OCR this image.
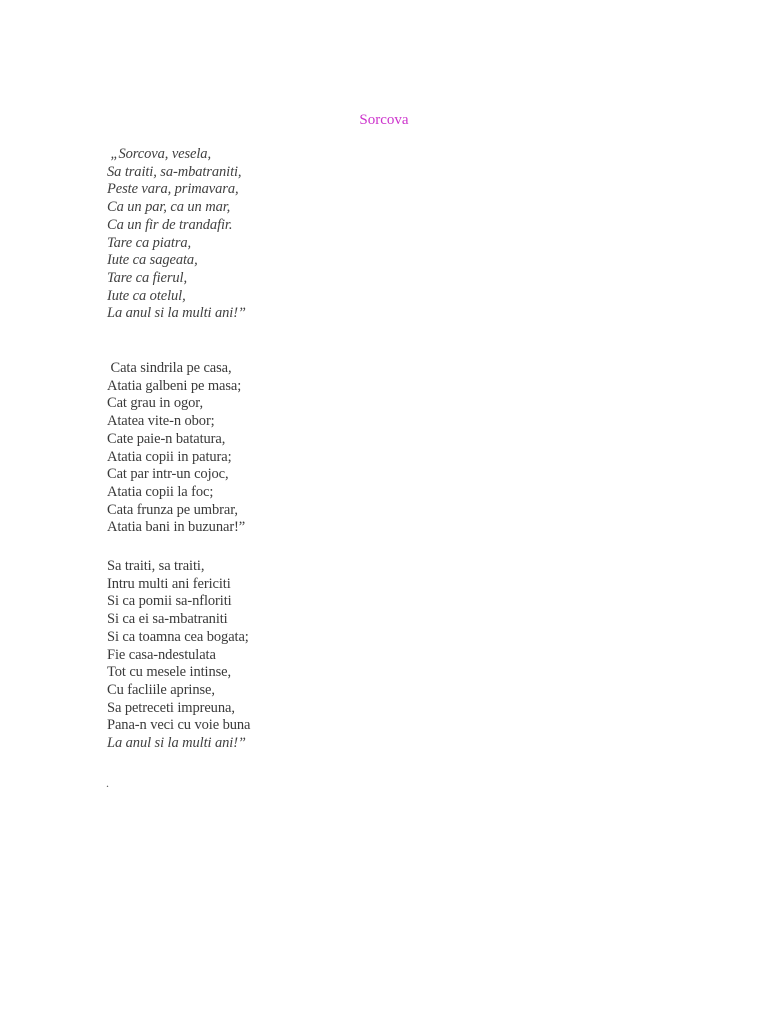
Sorcova
„Sorcova, vesela,
Sa traiti, sa-mbatraniti,
Peste vara, primavara,
Ca un par, ca un mar,
Ca un fir de trandafir.
Tare ca piatra,
Iute ca sageata,
Tare ca fierul,
Iute ca otelul,
La anul si la multi ani!”
Cata sindrila pe casa,
Atatia galbeni pe masa;
Cat grau in ogor,
Atatea vite-n obor;
Cate paie-n batatura,
Atatia copii in patura;
Cat par intr-un cojoc,
Atatia copii la foc;
Cata frunza pe umbrar,
Atatia bani in buzunar!”
Sa traiti, sa traiti,
Intru multi ani fericiti
Si ca pomii sa-nfloriti
Si ca ei sa-mbatraniti
Si ca toamna cea bogata;
Fie casa-ndestulata
Tot cu mesele intinse,
Cu facliile aprinse,
Sa petreceti impreuna,
Pana-n veci cu voie buna
La anul si la multi ani!”
.
